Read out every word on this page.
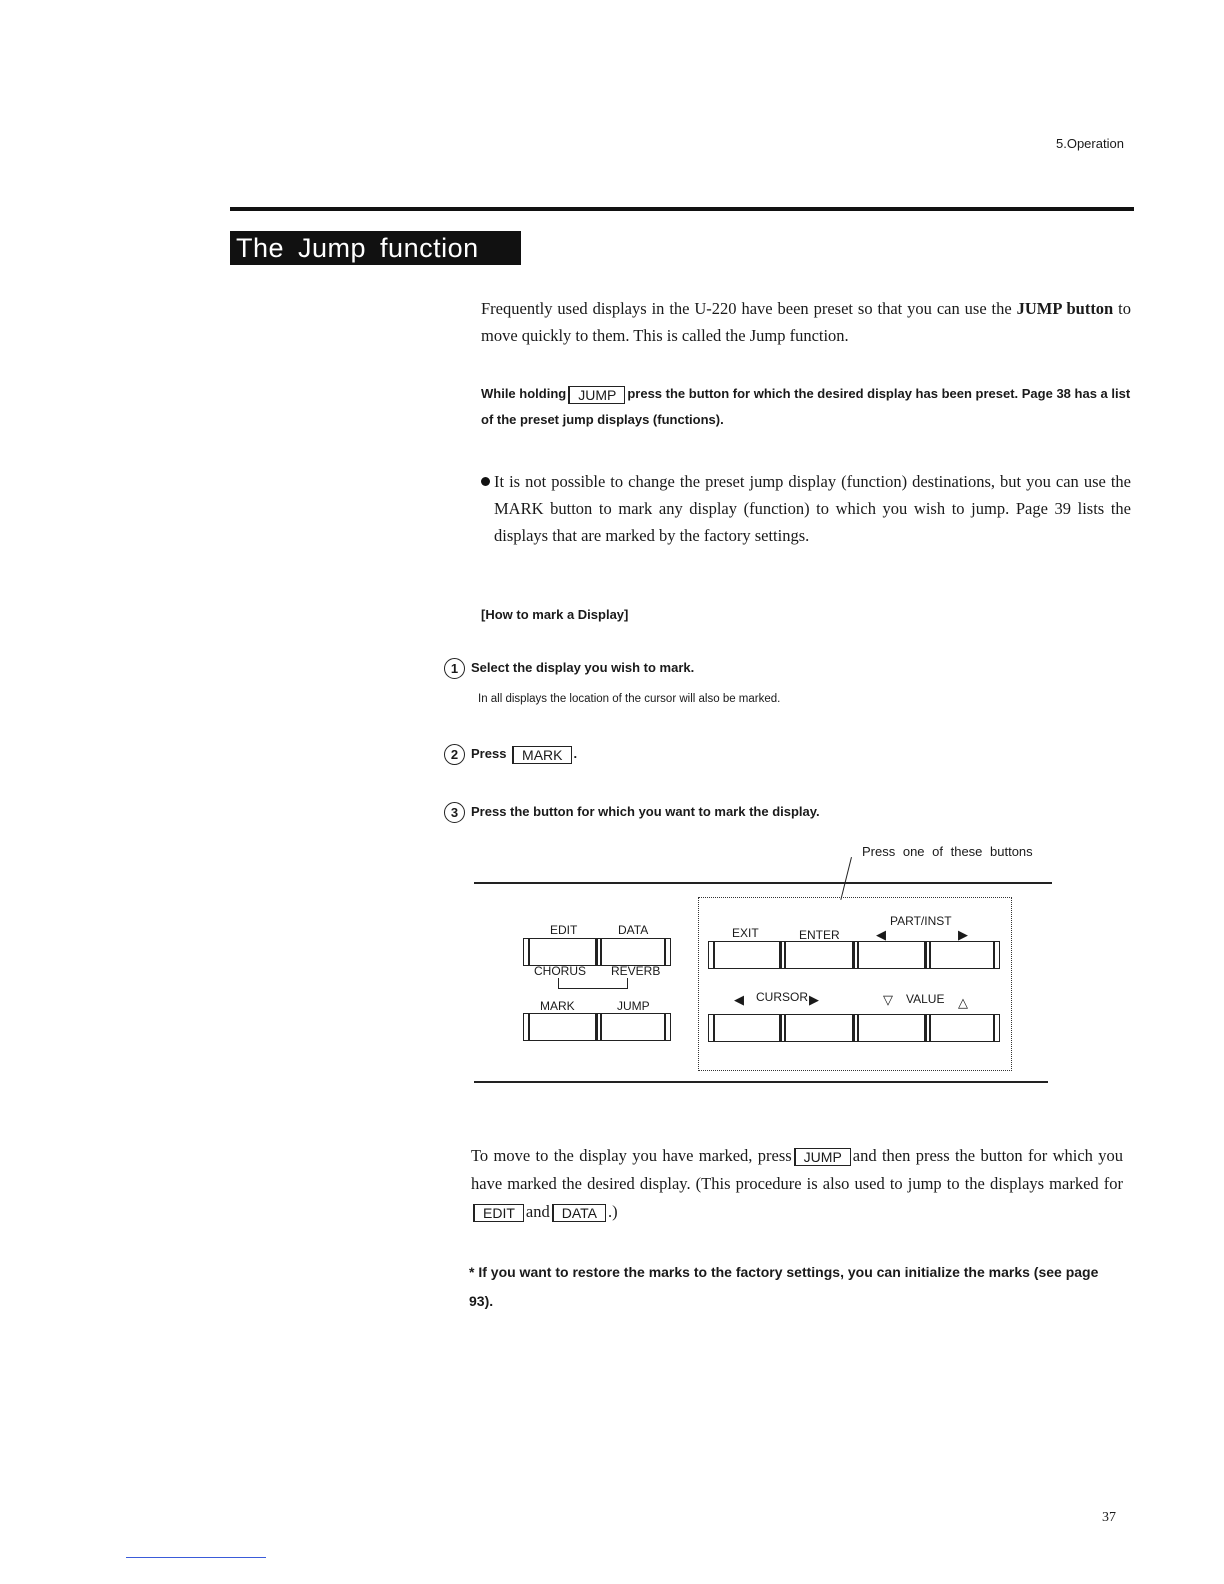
5.Operation
The Jump function
Frequently used displays in the U-220 have been preset so that you can use the JUMP button to move quickly to them. This is called the Jump function.
While holding JUMP press the button for which the desired display has been preset. Page 38 has a list of the preset jump displays (functions).
It is not possible to change the preset jump display (function) destinations, but you can use the MARK button to mark any display (function) to which you wish to jump. Page 39 lists the displays that are marked by the factory settings.
[How to mark a Display]
1 Select the display you wish to mark.
In all displays the location of the cursor will also be marked.
2 Press MARK .
3 Press the button for which you want to mark the display.
Press one of these buttons
EDIT	DATA
CHORUS REVERB
MARK	JUMP
EXIT	ENTER
PART/INST
◀	▶
◀ CURSOR ▶	▽ VALUE △
To move to the display you have marked, press JUMP and then press the button for which you have marked the desired display. (This procedure is also used to jump to the displays marked forEDIT and DATA .)
* If you want to restore the marks to the factory settings, you can initialize the marks (see page 93).
37
